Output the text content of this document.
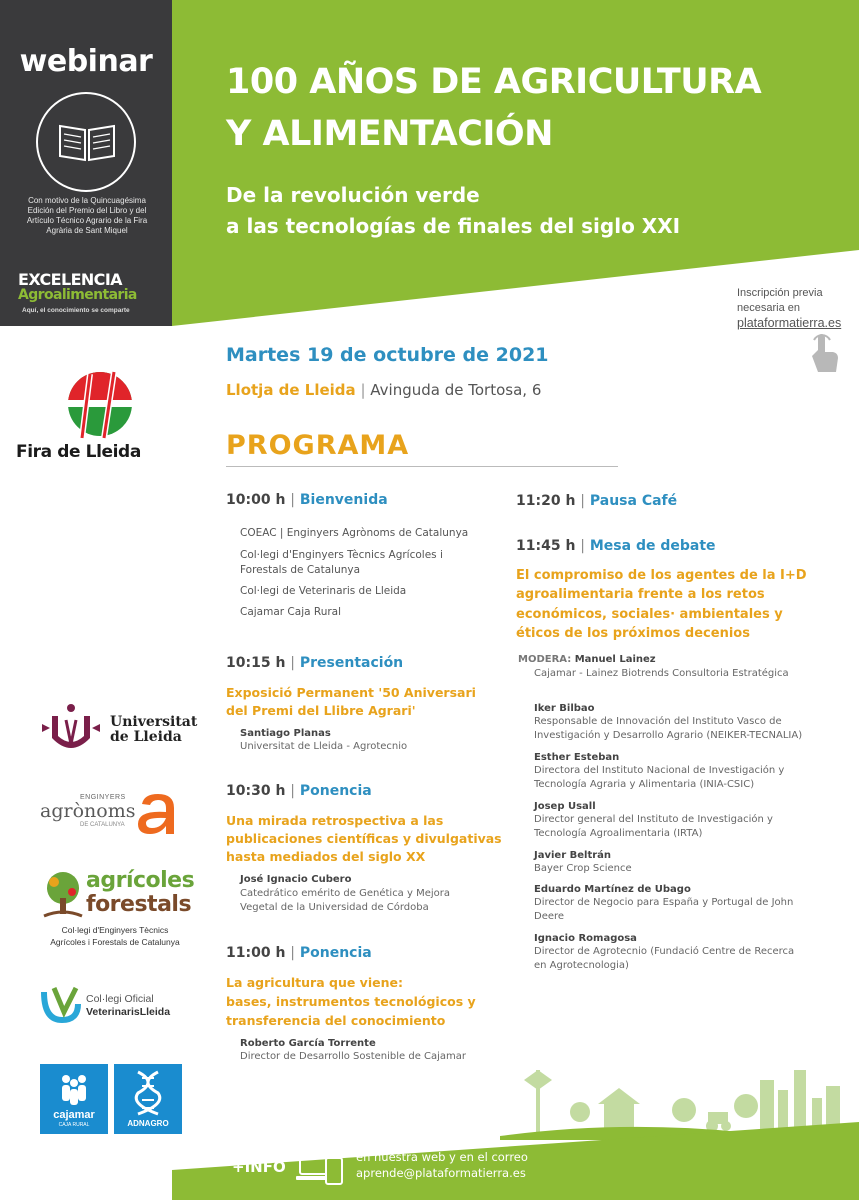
webinar
Con motivo de la Quincuagésima Edición del Premio del Libro y del Artículo Técnico Agrario de la Fira Agrària de Sant Miquel
EXCELENCIA
Agroalimentaria
Aquí, el conocimiento se comparte
100 AÑOS DE AGRICULTURA
Y ALIMENTACIÓN
De la revolución verde
a las tecnologías de finales del siglo XXI
Inscripción previa
necesaria en
plataformatierra.es
Martes 19 de octubre de 2021
Llotja de Lleida | Avinguda de Tortosa, 6
Fira de Lleida	PROGRAMA
10:00 h | Bienvenida
COEAC | Enginyers Agrònoms de Catalunya
Col·legi d'Enginyers Tècnics Agrícoles i
Forestals de Catalunya
Col·legi de Veterinaris de Lleida
Cajamar Caja Rural
10:15 h | Presentación
Exposició Permanent '50 Aniversari
del Premi del Llibre Agrari'
Santiago Planas
Universitat de Lleida - Agrotecnio
10:30 h | Ponencia
Una mirada retrospectiva a las
publicaciones científicas y divulgativas
hasta mediados del siglo XX
José Ignacio Cubero
Catedrático emérito de Genética y Mejora
Vegetal de la Universidad de Córdoba
11:00 h | Ponencia
La agricultura que viene:
bases, instrumentos tecnológicos y
transferencia del conocimiento
Roberto García Torrente
Director de Desarrollo Sostenible de Cajamar
11:20 h | Pausa Café
11:45 h | Mesa de debate
El compromiso de los agentes de la I+D
agroalimentaria frente a los retos
económicos, sociales· ambientales y
éticos de los próximos decenios
MODERA: Manuel Lainez
Cajamar - Lainez Biotrends Consultoria Estratégica
Iker Bilbao
Responsable de Innovación del Instituto Vasco de
Investigación y Desarrollo Agrario (NEIKER-TECNALIA)
Esther Esteban
Directora del Instituto Nacional de Investigación y
Tecnología Agraria y Alimentaria (INIA-CSIC)
Josep Usall
Director general del Instituto de Investigación y
Tecnología Agroalimentaria (IRTA)
Javier Beltrán
Bayer Crop Science
Eduardo Martínez de Ubago
Director de Negocio para España y Portugal de John
Deere
Ignacio Romagosa
Director de Agrotecnio (Fundació Centre de Recerca
en Agrotecnologia)
Universitat
de Lleida
ENGINYERS
agrònoms
DE CATALUNYA
agrícoles
forestals
Col·legi d'Enginyers Tècnics
Agrícoles i Forestals de Catalunya
Col·legi Oficial
VeterinarisLleida
cajamar
CAJA RURAL	ADNAGRO
+INFO
en nuestra web y en el correo
aprende@plataformatierra.es
